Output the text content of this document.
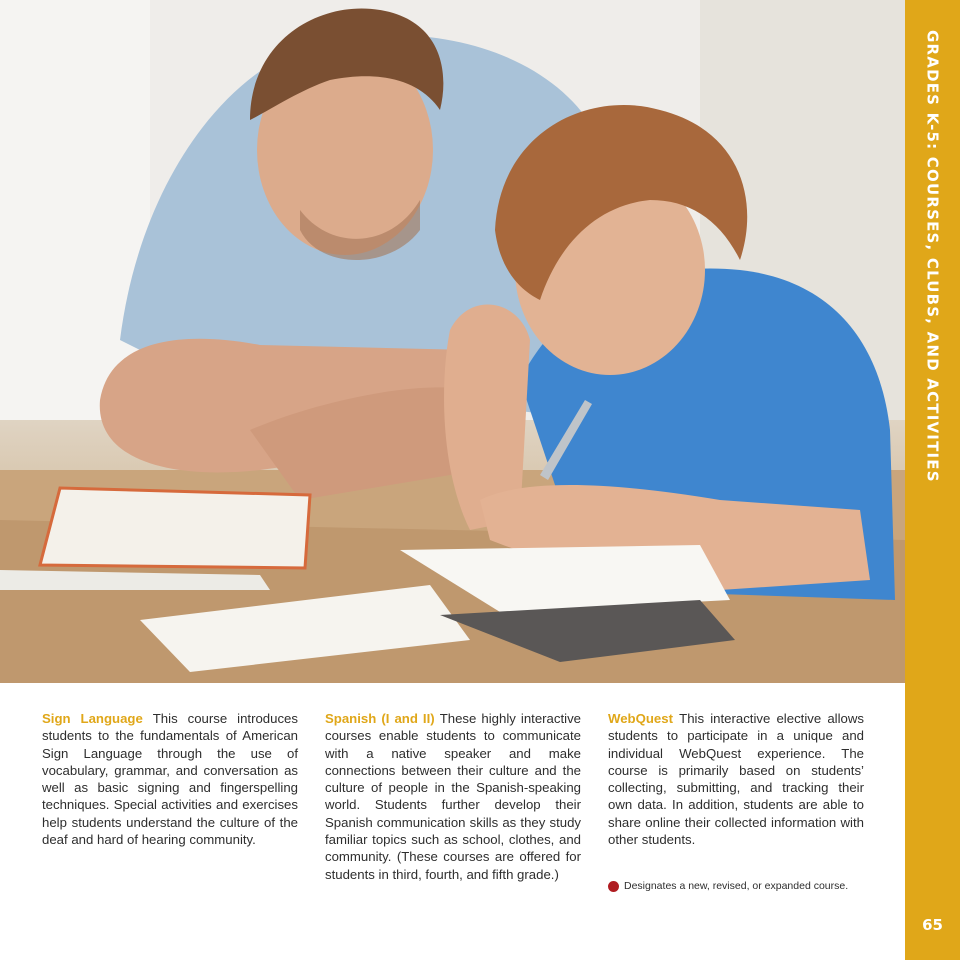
GRADES K-5: COURSES, CLUBS, AND ACTIVITIES
65
Sign Language This course introduces students to the fundamentals of American Sign Language through the use of vocabulary, grammar, and conversation as well as basic signing and fingerspelling techniques. Special activities and exercises help students understand the culture of the deaf and hard of hearing community.
Spanish (I and II) These highly interactive courses enable students to communicate with a native speaker and make connections between their culture and the culture of people in the Spanish-speaking world. Students further develop their Spanish communication skills as they study familiar topics such as school, clothes, and community. (These courses are offered for students in third, fourth, and fifth grade.)
WebQuest This interactive elective allows students to participate in a unique and individual WebQuest experience. The course is primarily based on students’ collecting, submitting, and tracking their own data. In addition, students are able to share online their collected information with other students.
Designates a new, revised, or expanded course.
